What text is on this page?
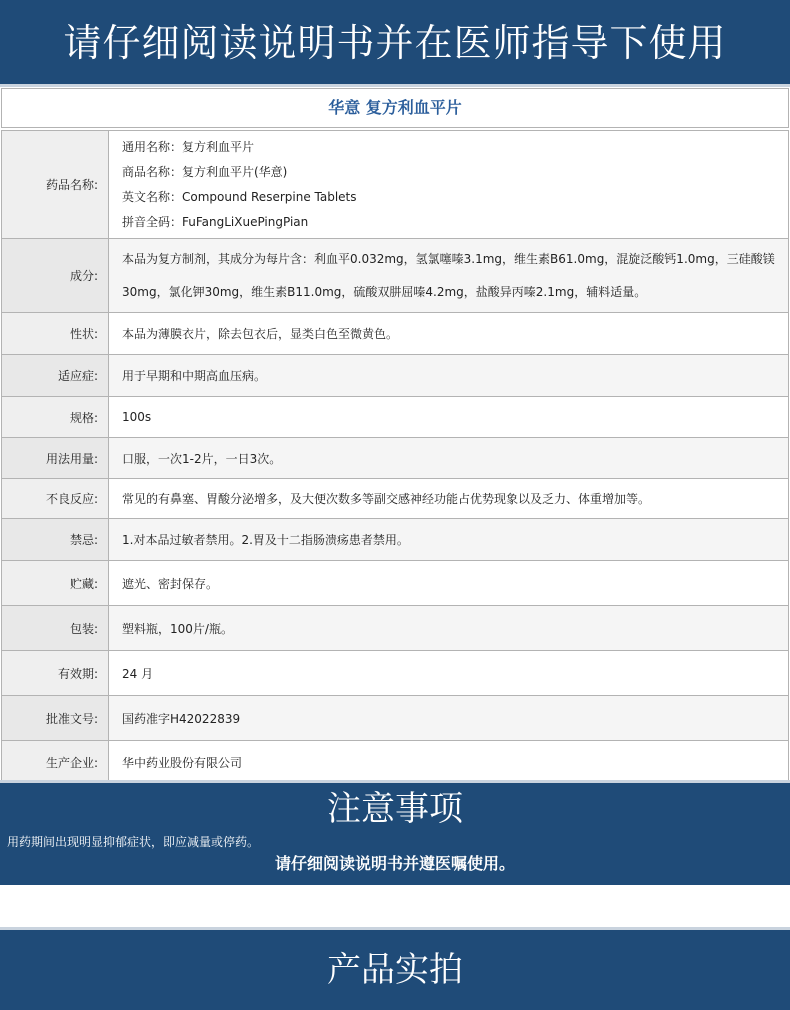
请仔细阅读说明书并在医师指导下使用
华意 复方利血平片
药品名称:	通用名称：复方利血平片
商品名称：复方利血平片(华意)
英文名称：Compound Reserpine Tablets
拼音全码：FuFangLiXuePingPian

成分:	本品为复方制剂，其成分为每片含：利血平0.032mg，氢氯噻嗪3.1mg，维生素B61.0mg，混旋泛酸钙1.0mg，三硅酸镁30mg，氯化钾30mg，维生素B11.0mg，硫酸双肼屈嗪4.2mg，盐酸异丙嗪2.1mg，辅料适量。
性状:	本品为薄膜衣片，除去包衣后，显类白色至微黄色。
适应症:	用于早期和中期高血压病。
规格:	100s
用法用量:	口服，一次1-2片，一日3次。
不良反应:	常见的有鼻塞、胃酸分泌增多，及大便次数多等副交感神经功能占优势现象以及乏力、体重增加等。
禁忌:	1.对本品过敏者禁用。2.胃及十二指肠溃疡患者禁用。
贮藏:	遮光、密封保存。
包装:	塑料瓶，100片/瓶。
有效期:	24 月
批准文号:	国药准字H42022839
生产企业:	华中药业股份有限公司
注意事项
用药期间出现明显抑郁症状，即应减量或停药。
请仔细阅读说明书并遵医嘱使用。
产品实拍
